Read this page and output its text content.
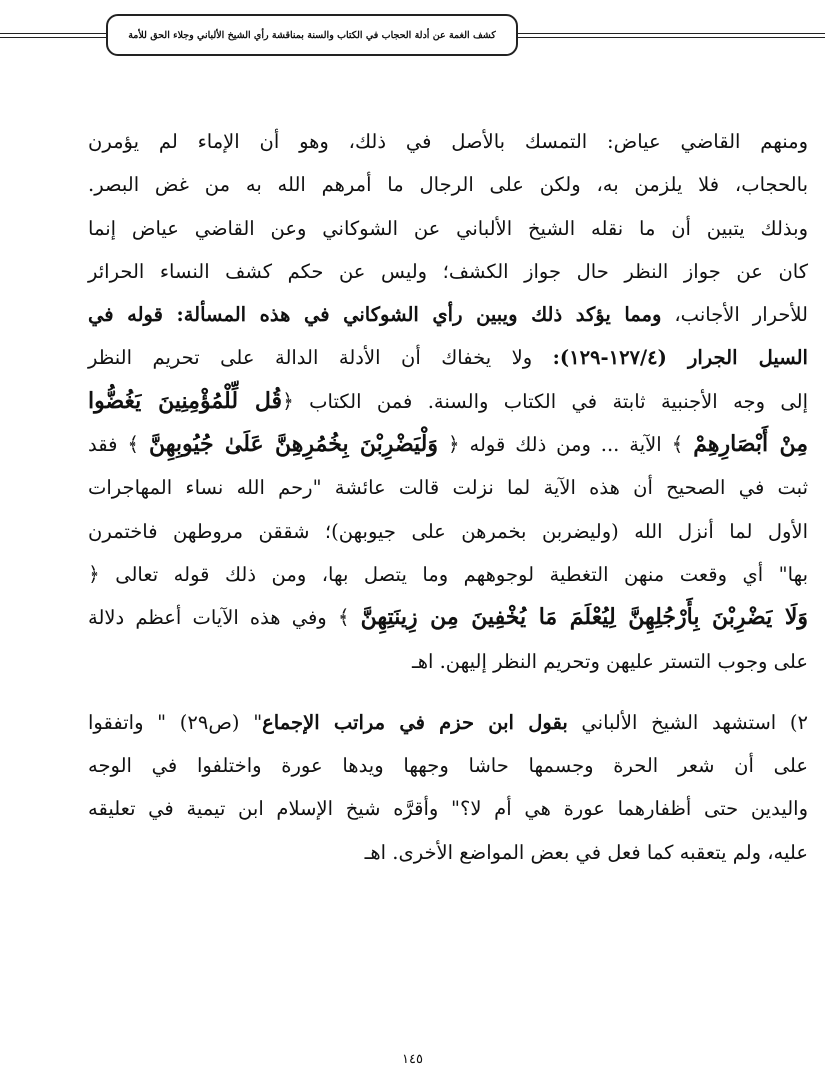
كشف الغمة عن أدلة الحجاب في الكتاب والسنة بمناقشة رأي الشيخ الألباني وجلاء الحق للأمة

ومنهم القاضي عياض: التمسك بالأصل في ذلك، وهو أن الإماء لم يؤمرن
بالحجاب، فلا يلزمن به، ولكن على الرجال ما أمرهم الله به من غض البصر.
وبذلك يتبين أن ما نقله الشيخ الألباني عن الشوكاني وعن القاضي عياض إنما
كان عن جواز النظر حال جواز الكشف؛ وليس عن حكم كشف النساء الحرائر
للأحرار الأجانب، ومما يؤكد ذلك ويبين رأي الشوكاني في هذه المسألة: قوله في
السيل الجرار (١٢٧/٤-١٢٩): ولا يخفاك أن الأدلة الدالة على تحريم النظر
إلى وجه الأجنبية ثابتة في الكتاب والسنة. فمن الكتاب ﴿قُل لِّلْمُؤْمِنِينَ يَغُضُّوا
مِنْ أَبْصَارِهِمْ ﴾ الآية ... ومن ذلك قوله ﴿ وَلْيَضْرِبْنَ بِخُمُرِهِنَّ عَلَىٰ جُيُوبِهِنَّ ﴾ فقد
ثبت في الصحيح أن هذه الآية لما نزلت قالت عائشة "رحم الله نساء المهاجرات
الأول لما أنزل الله (وليضربن بخمرهن على جيوبهن)؛ شققن مروطهن فاختمرن
بها" أي وقعت منهن التغطية لوجوههم وما يتصل بها، ومن ذلك قوله تعالى ﴿
وَلَا يَضْرِبْنَ بِأَرْجُلِهِنَّ لِيُعْلَمَ مَا يُخْفِينَ مِن زِينَتِهِنَّ ﴾ وفي هذه الآيات أعظم دلالة
على وجوب التستر عليهن وتحريم النظر إليهن. اهـ

٢) استشهد الشيخ الألباني بقول ابن حزم في مراتب الإجماع" (ص٢٩) " واتفقوا
على أن شعر الحرة وجسمها حاشا وجهها ويدها عورة واختلفوا في الوجه
واليدين حتى أظفارهما عورة هي أم لا؟" وأقرَّه شيخ الإسلام ابن تيمية في تعليقه
عليه، ولم يتعقبه كما فعل في بعض المواضع الأخرى. اهـ

١٤٥
